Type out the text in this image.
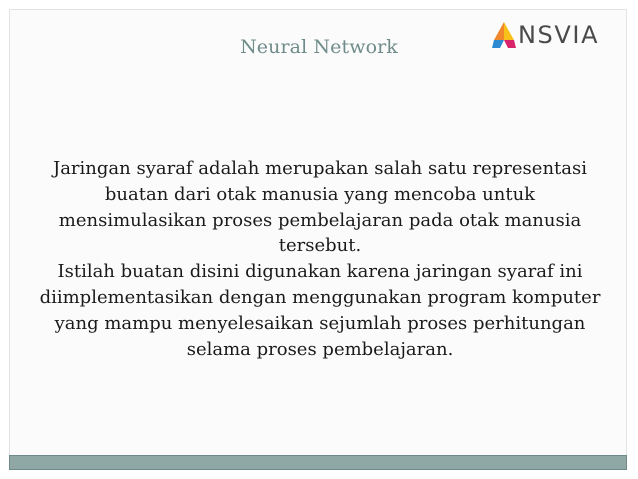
Neural Network	NSVIA
Jaringan syaraf adalah merupakan salah satu representasi buatan dari otak manusia yang mencoba untuk mensimulasikan proses pembelajaran pada otak manusia tersebut.
Istilah buatan disini digunakan karena jaringan syaraf ini diimplementasikan dengan menggunakan program komputer yang mampu menyelesaikan sejumlah proses perhitungan selama proses pembelajaran.
